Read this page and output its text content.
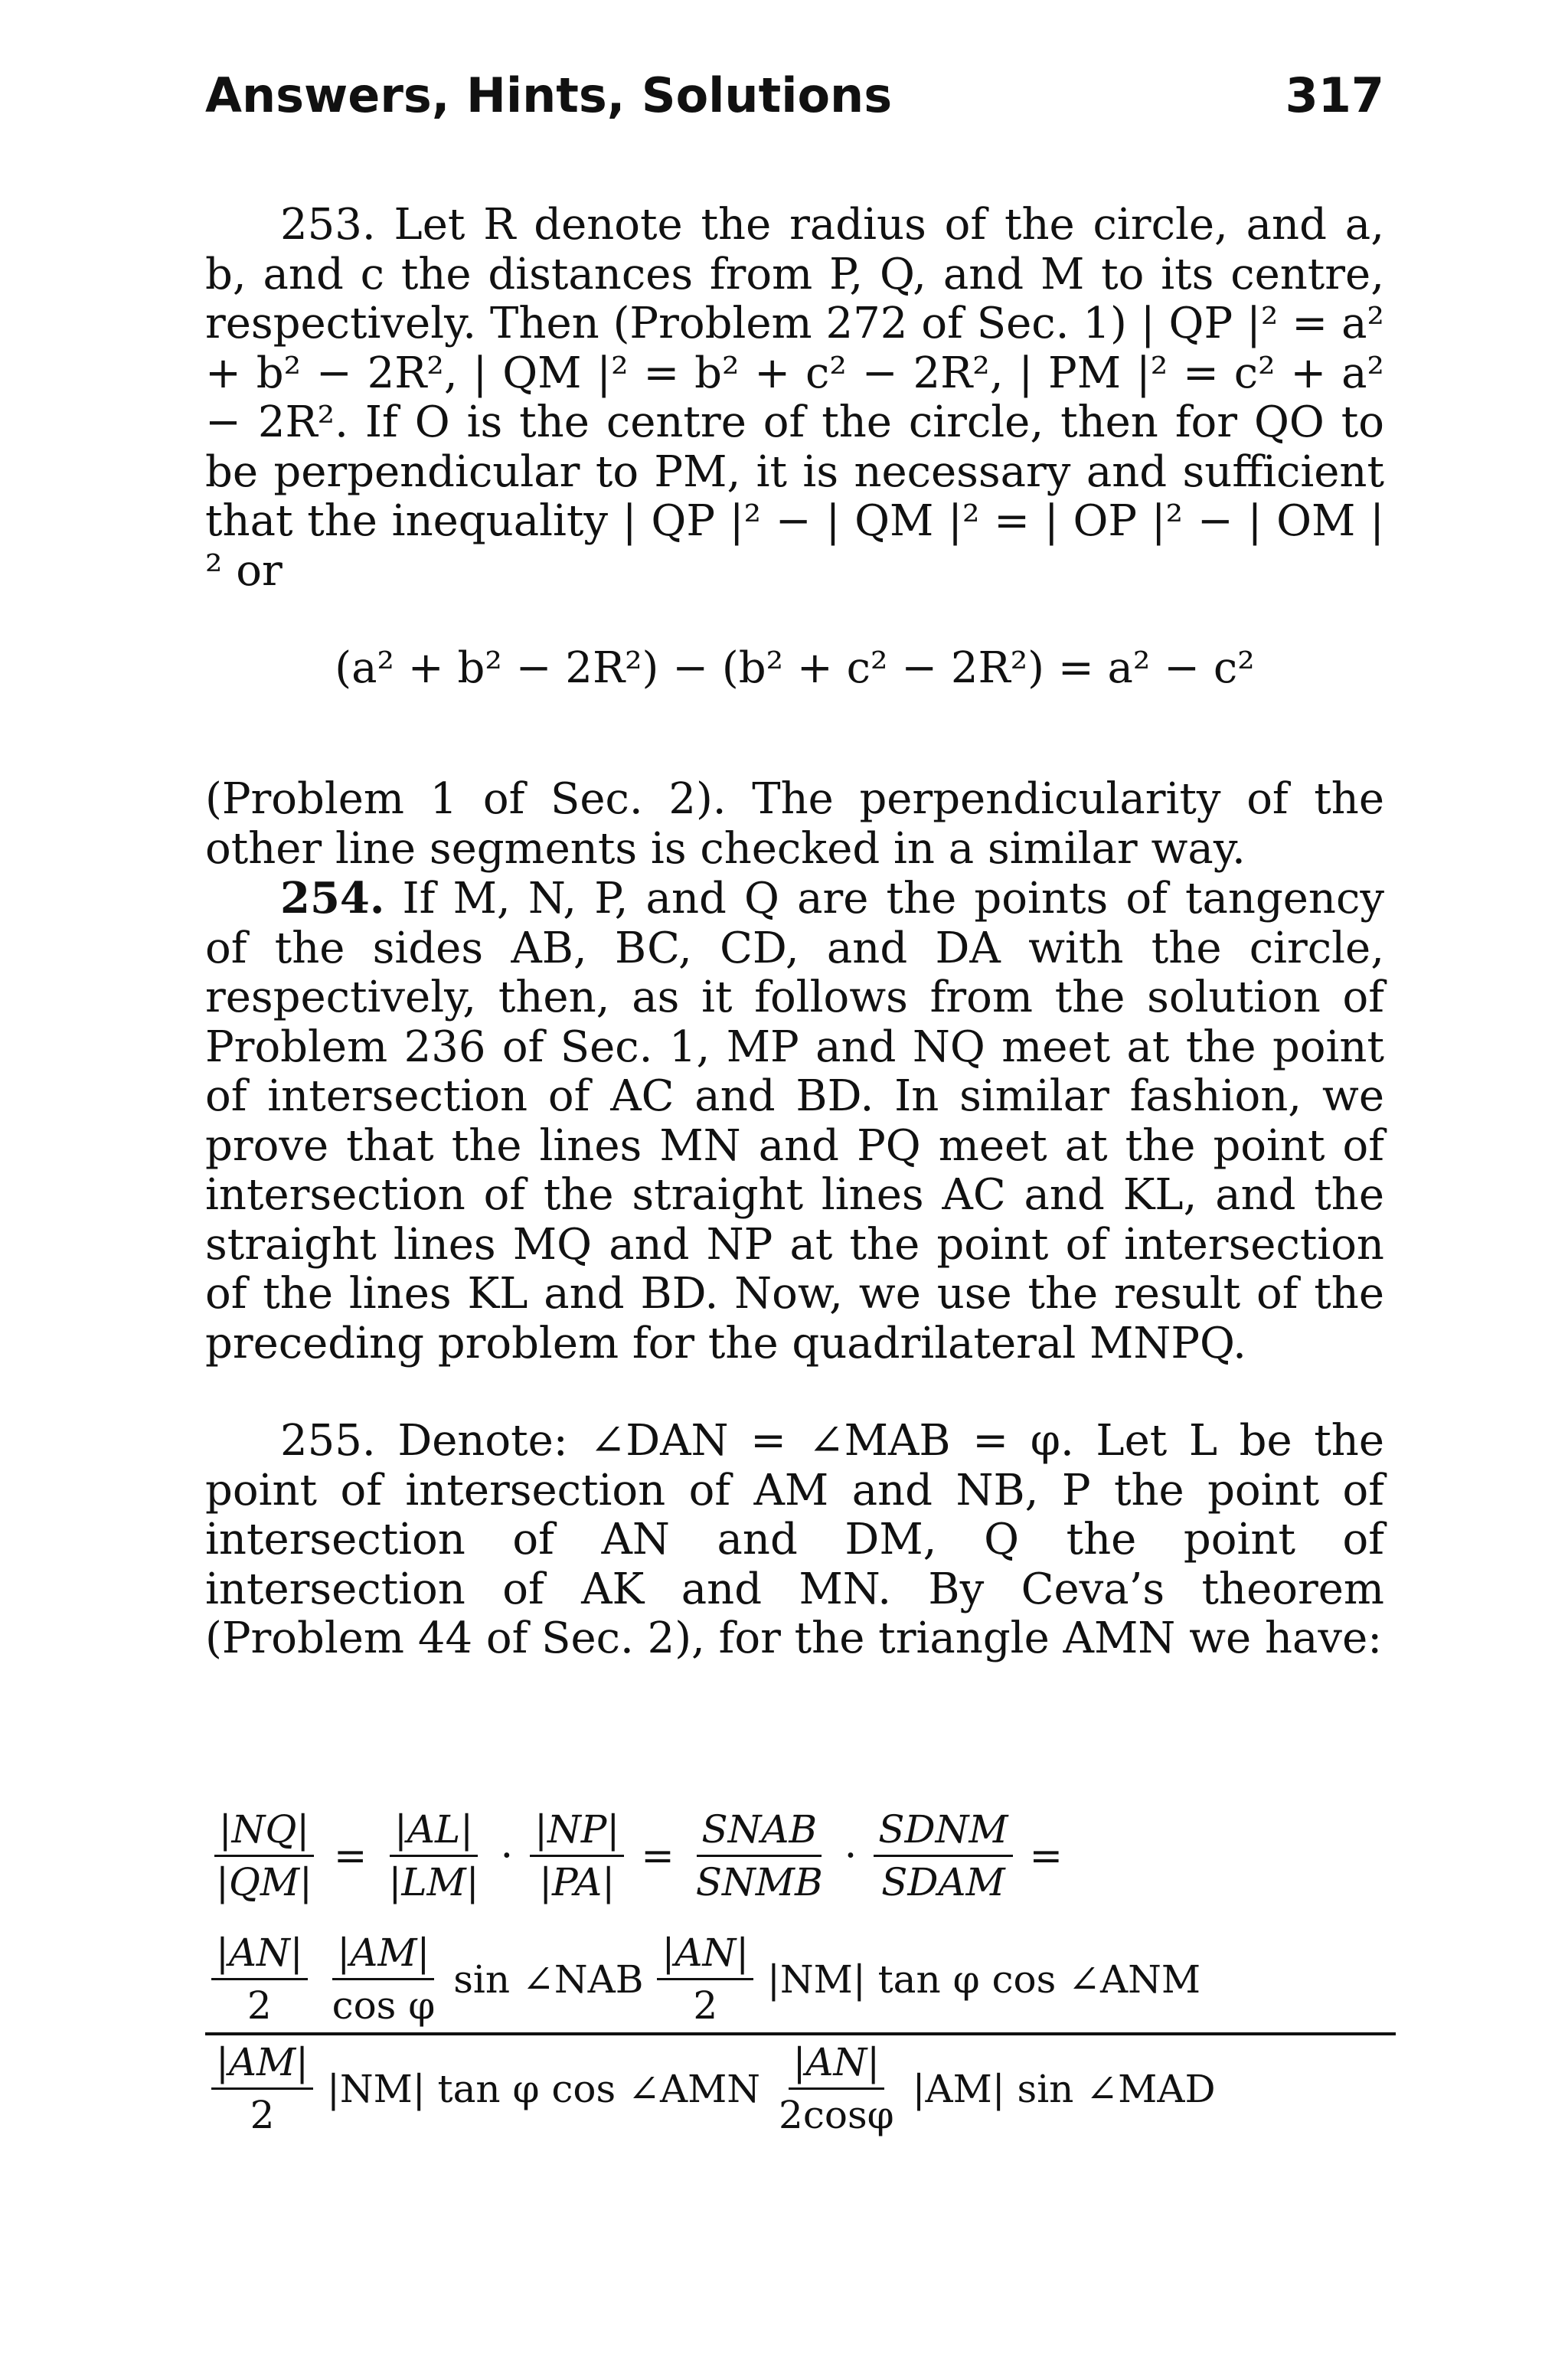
Answers, Hints, Solutions	317

253. Let R denote the radius of the circle, and a, b, and c the distances from P, Q, and M to its centre, respectively. Then (Problem 272 of Sec. 1) | QP |² = a² + b² − 2R², | QM |² = b² + c² − 2R², | PM |² = c² + a² − 2R². If O is the centre of the circle, then for QO to be perpendicular to PM, it is necessary and sufficient that the inequality | QP |² − | QM |² = | OP |² − | OM |² or

(a² + b² − 2R²) − (b² + c² − 2R²) = a² − c²

(Problem 1 of Sec. 2). The perpendicularity of the other line segments is checked in a similar way.

254. If M, N, P, and Q are the points of tangency of the sides AB, BC, CD, and DA with the circle, respectively, then, as it follows from the solution of Problem 236 of Sec. 1, MP and NQ meet at the point of intersection of AC and BD. In similar fashion, we prove that the lines MN and PQ meet at the point of intersection of the straight lines AC and KL, and the straight lines MQ and NP at the point of intersection of the lines KL and BD. Now, we use the result of the preceding problem for the quadrilateral MNPQ.

255. Denote: ∠DAN = ∠MAB = φ. Let L be the point of intersection of AM and NB, P the point of intersection of AN and DM, Q the point of intersection of AK and MN. By Ceva’s theorem (Problem 44 of Sec. 2), for the triangle AMN we have:

$\frac{|NQ|}{|QM|} = \frac{|AL|}{|LM|} \cdot \frac{|NP|}{|PA|} = \frac{\text{SNAB}}{\text{SNMB}} \cdot \frac{\text{SDNM}}{\text{SDAM}}$ =
$\frac{|AN|}{2} \frac{|AM|}{\text{cos φ}}$ sin ∠NAB $\frac{|AN|}{2} |NM|$ tan φ cos ∠ANM
$\frac{|AM|}{2} |NM|$ tan φ cos ∠AMN $\frac{|AN|}{2\cos\varphi} |AM|$ sin ∠MAD
